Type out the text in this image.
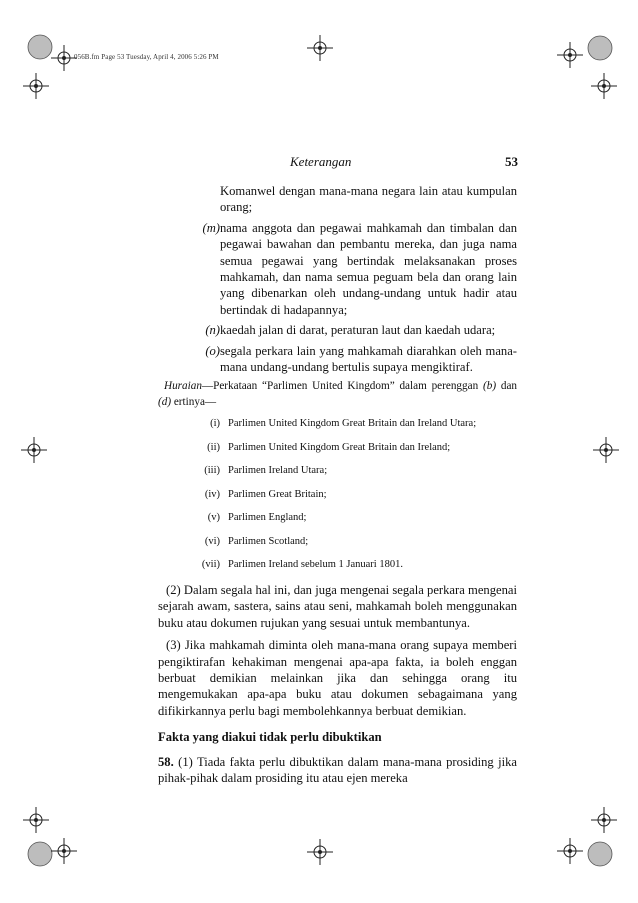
056B.fm Page 53 Tuesday, April 4, 2006 5:26 PM
Keterangan	53
Komanwel dengan mana-mana negara lain atau kumpulan orang;
(m) nama anggota dan pegawai mahkamah dan timbalan dan pegawai bawahan dan pembantu mereka, dan juga nama semua pegawai yang bertindak melaksanakan proses mahkamah, dan nama semua peguam bela dan orang lain yang dibenarkan oleh undang-undang untuk hadir atau bertindak di hadapannya;
(n) kaedah jalan di darat, peraturan laut dan kaedah udara;
(o) segala perkara lain yang mahkamah diarahkan oleh mana-mana undang-undang bertulis supaya mengiktiraf.
Huraian—Perkataan “Parlimen United Kingdom” dalam perenggan (b) dan (d) ertinya—
(i) Parlimen United Kingdom Great Britain dan Ireland Utara;
(ii) Parlimen United Kingdom Great Britain dan Ireland;
(iii) Parlimen Ireland Utara;
(iv) Parlimen Great Britain;
(v) Parlimen England;
(vi) Parlimen Scotland;
(vii) Parlimen Ireland sebelum 1 Januari 1801.
(2) Dalam segala hal ini, dan juga mengenai segala perkara mengenai sejarah awam, sastera, sains atau seni, mahkamah boleh menggunakan buku atau dokumen rujukan yang sesuai untuk membantunya.
(3) Jika mahkamah diminta oleh mana-mana orang supaya memberi pengiktirafan kehakiman mengenai apa-apa fakta, ia boleh enggan berbuat demikian melainkan jika dan sehingga orang itu mengemukakan apa-apa buku atau dokumen sebagaimana yang difikirkannya perlu bagi membolehkannya berbuat demikian.
Fakta yang diakui tidak perlu dibuktikan
58. (1) Tiada fakta perlu dibuktikan dalam mana-mana prosiding jika pihak-pihak dalam prosiding itu atau ejen mereka
